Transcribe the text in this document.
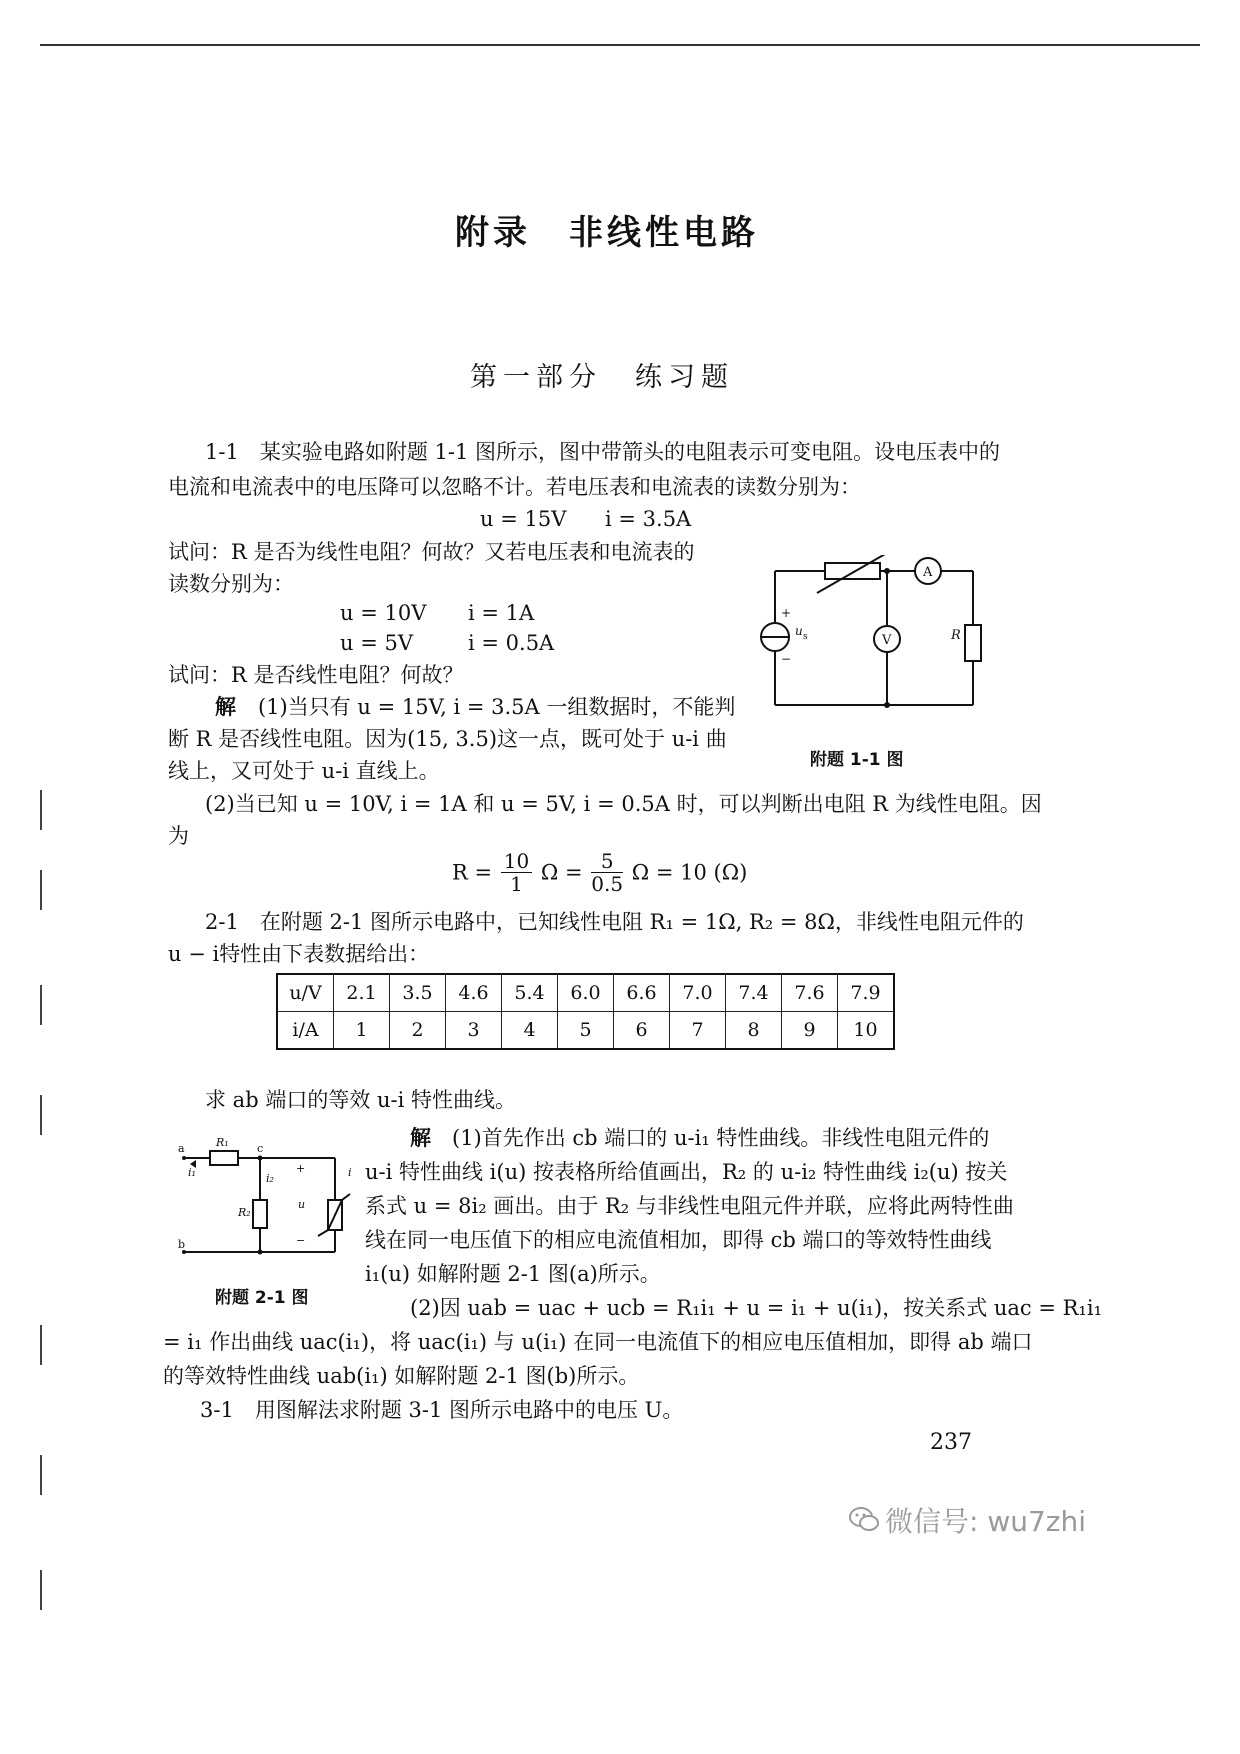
附录　非线性电路
第一部分　练习题
1-1　某实验电路如附题 1-1 图所示，图中带箭头的电阻表示可变电阻。设电压表中的
电流和电流表中的电压降可以忽略不计。若电压表和电流表的读数分别为：
u = 15V i = 3.5A
试问：R 是否为线性电阻？何故？又若电压表和电流表的
读数分别为：
u = 10V i = 1A
u = 5V	i = 0.5A
试问：R 是否线性电阻？何故？
解 (1)当只有 u = 15V, i = 3.5A 一组数据时，不能判
断 R 是否线性电阻。因为(15, 3.5)这一点，既可处于 u-i 曲
线上，又可处于 u-i 直线上。
(2)当已知 u = 10V, i = 1A 和 u = 5V, i = 0.5A 时，可以判断出电阻 R 为线性电阻。因
为
$R = \frac{10}{1}$ $\Omega = \frac{5}{0.5}$ Ω = 10 (Ω)
A
V	R
u s
+
−
附题 1-1 图
2-1　在附题 2-1 图所示电路中，已知线性电阻 R₁ = 1Ω, R₂ = 8Ω，非线性电阻元件的
u − i特性由下表数据给出：
u/V	2.1	3.5	4.6	5.4	6.0	6.6	7.0	7.4	7.6	7.9
i/A	1	2	3	4	5	6	7	8	9	10
求 ab 端口的等效 u-i 特性曲线。
解 (1)首先作出 cb 端口的 u-i₁ 特性曲线。非线性电阻元件的
u-i 特性曲线 i(u) 按表格所给值画出，R₂ 的 u-i₂ 特性曲线 i₂(u) 按关
系式 u = 8i₂ 画出。由于 R₂ 与非线性电阻元件并联，应将此两特性曲
线在同一电压值下的相应电流值相加，即得 cb 端口的等效特性曲线
i₁(u) 如解附题 2-1 图(a)所示。
(2)因 uab = uac + ucb = R₁i₁ + u = i₁ + u(i₁)，按关系式 uac = R₁i₁
= i₁ 作出曲线 uac(i₁)，将 uac(i₁) 与 u(i₁) 在同一电流值下的相应电压值相加，即得 ab 端口
的等效特性曲线 uab(i₁) 如解附题 2-1 图(b)所示。
a
b
c
R₁
R₂
i₁	i₂	i
u
+
−
附题 2-1 图
3-1　用图解法求附题 3-1 图所示电路中的电压 U。
237
微信号: wu7zhi
